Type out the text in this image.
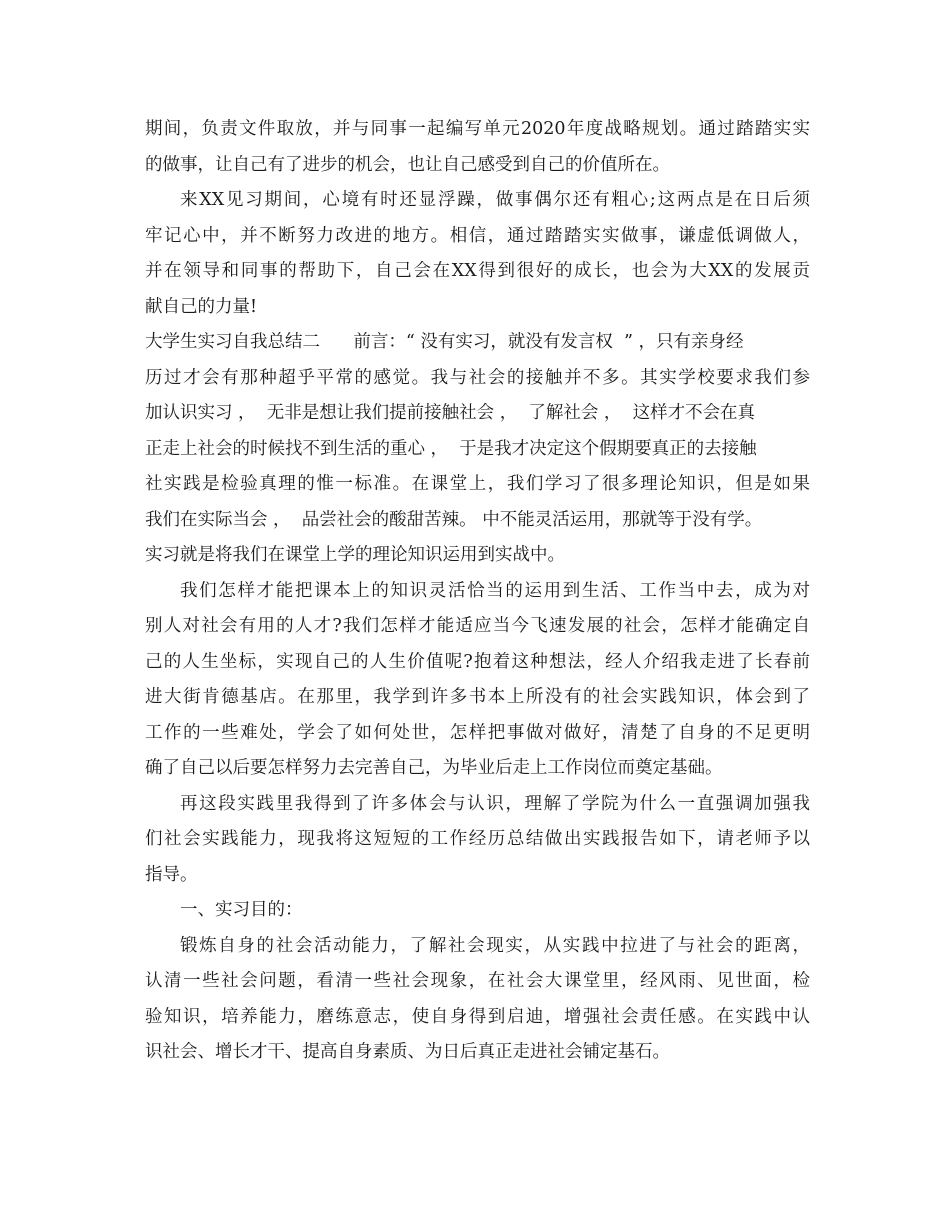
期间，负责文件取放，并与同事一起编写单元2020年度战略规划。通过踏踏实实
的做事，让自己有了进步的机会，也让自己感受到自己的价值所在。
来XX见习期间，心境有时还显浮躁，做事偶尔还有粗心;这两点是在日后须
牢记心中，并不断努力改进的地方。相信，通过踏踏实实做事，谦虚低调做人，
并在领导和同事的帮助下，自己会在XX得到很好的成长，也会为大XX的发展贡
献自己的力量!
大学生实习自我总结二      前言：“ 没有实习，就没有发言权  ” ，只有亲身经
历过才会有那种超乎平常的感觉。我与社会的接触并不多。其实学校要求我们参
加认识实习 ，  无非是想让我们提前接触社会 ，  了解社会 ，  这样才不会在真
正走上社会的时候找不到生活的重心 ，  于是我才决定这个假期要真正的去接触
社实践是检验真理的惟一标准。在课堂上，我们学习了很多理论知识，但是如果
我们在实际当会 ，  品尝社会的酸甜苦辣。 中不能灵活运用，那就等于没有学。
实习就是将我们在课堂上学的理论知识运用到实战中。
我们怎样才能把课本上的知识灵活恰当的运用到生活、工作当中去，成为对
别人对社会有用的人才?我们怎样才能适应当今飞速发展的社会，怎样才能确定自
己的人生坐标，实现自己的人生价值呢?抱着这种想法，经人介绍我走进了长春前
进大街肯德基店。在那里，我学到许多书本上所没有的社会实践知识，体会到了
工作的一些难处，学会了如何处世，怎样把事做对做好，清楚了自身的不足更明
确了自己以后要怎样努力去完善自己，为毕业后走上工作岗位而奠定基础。
再这段实践里我得到了许多体会与认识，理解了学院为什么一直强调加强我
们社会实践能力，现我将这短短的工作经历总结做出实践报告如下，请老师予以
指导。
一、实习目的：
锻炼自身的社会活动能力，了解社会现实，从实践中拉进了与社会的距离，
认清一些社会问题，看清一些社会现象，在社会大课堂里，经风雨、见世面，检
验知识，培养能力，磨练意志，使自身得到启迪，增强社会责任感。在实践中认
识社会、增长才干、提高自身素质、为日后真正走进社会铺定基石。
